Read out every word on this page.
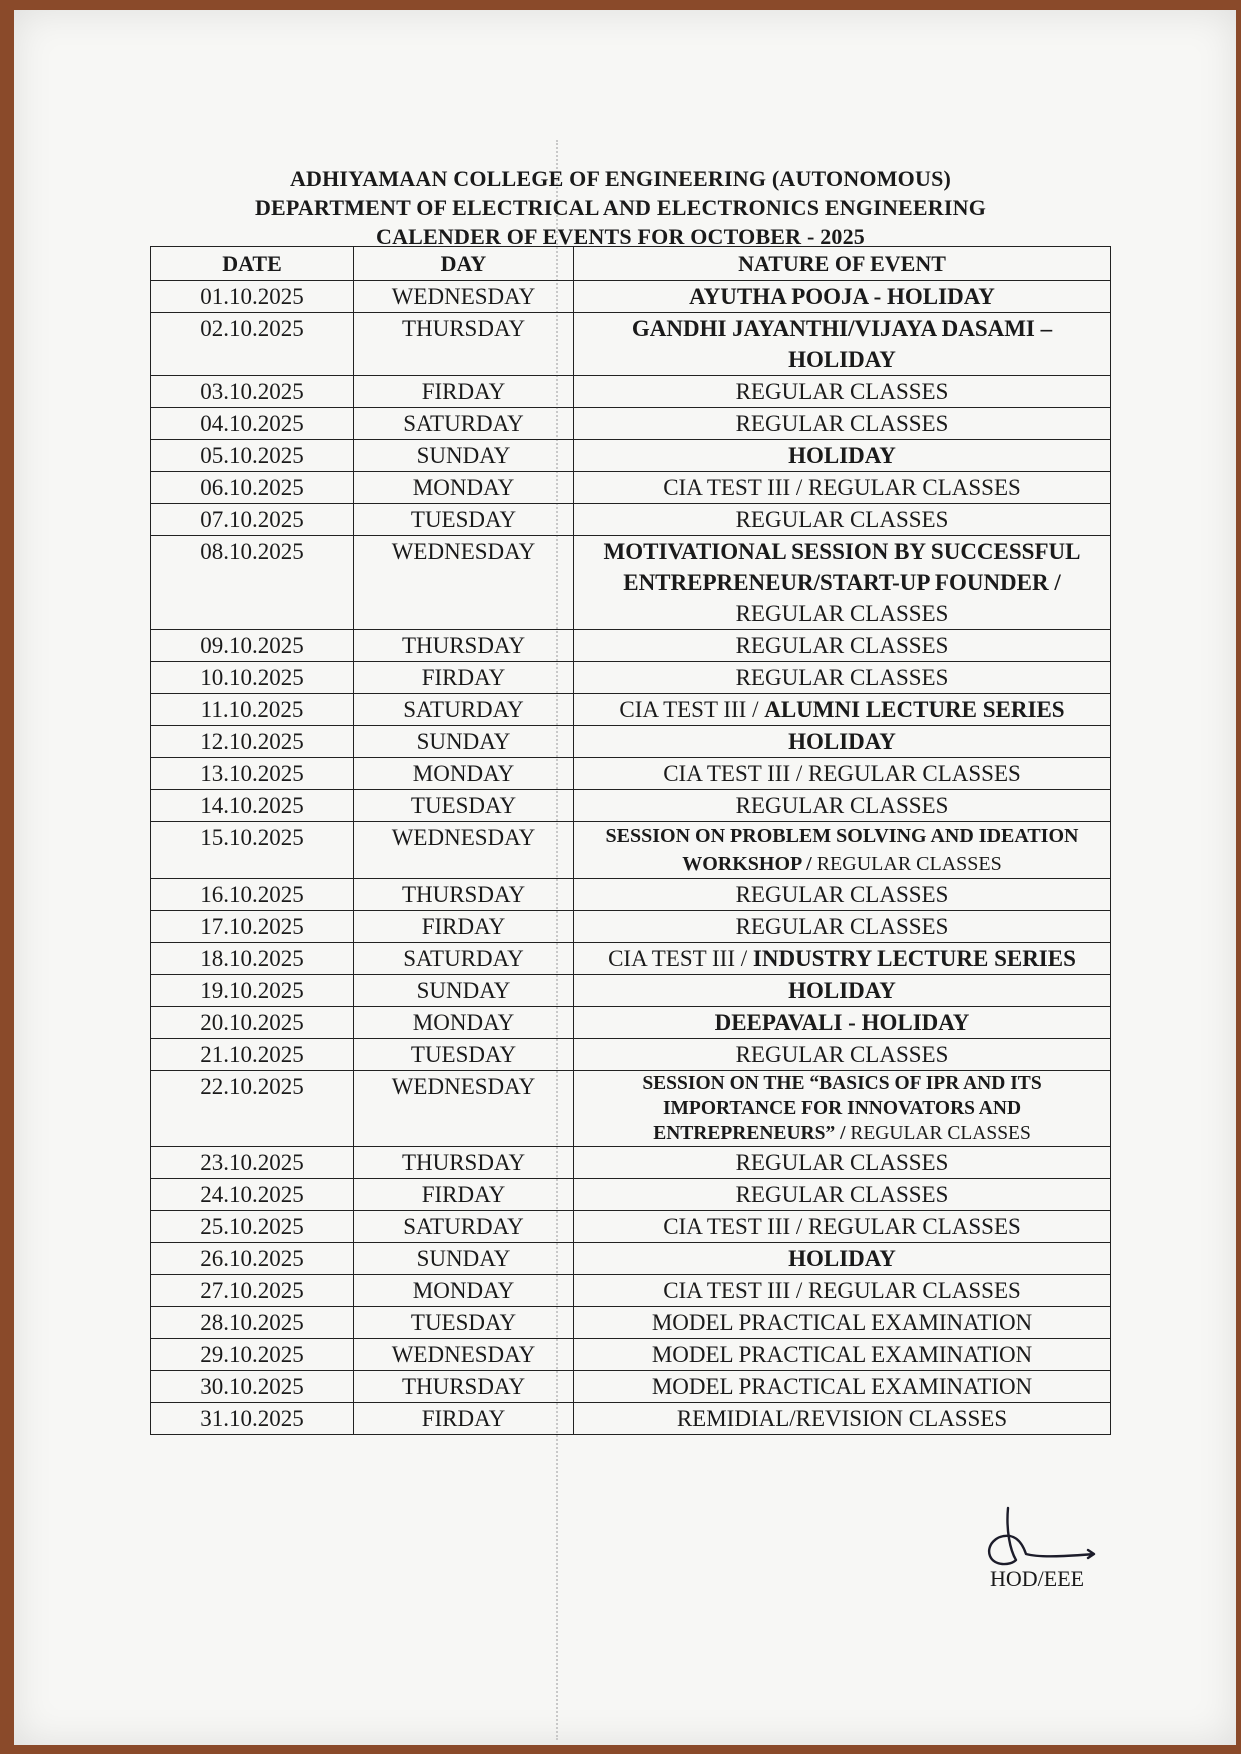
ADHIYAMAAN COLLEGE OF ENGINEERING (AUTONOMOUS)
DEPARTMENT OF ELECTRICAL AND ELECTRONICS ENGINEERING
CALENDER OF EVENTS FOR OCTOBER - 2025
DATE	DAY	NATURE OF EVENT
01.10.2025	WEDNESDAY	AYUTHA POOJA - HOLIDAY
02.10.2025	THURSDAY	GANDHI JAYANTHI/VIJAYA DASAMI – HOLIDAY
03.10.2025	FIRDAY	REGULAR CLASSES
04.10.2025	SATURDAY	REGULAR CLASSES
05.10.2025	SUNDAY	HOLIDAY
06.10.2025	MONDAY	CIA TEST III / REGULAR CLASSES
07.10.2025	TUESDAY	REGULAR CLASSES
08.10.2025	WEDNESDAY	MOTIVATIONAL SESSION BY SUCCESSFUL ENTREPRENEUR/START-UP FOUNDER / REGULAR CLASSES
09.10.2025	THURSDAY	REGULAR CLASSES
10.10.2025	FIRDAY	REGULAR CLASSES
11.10.2025	SATURDAY	CIA TEST III / ALUMNI LECTURE SERIES
12.10.2025	SUNDAY	HOLIDAY
13.10.2025	MONDAY	CIA TEST III / REGULAR CLASSES
14.10.2025	TUESDAY	REGULAR CLASSES
15.10.2025	WEDNESDAY	SESSION ON PROBLEM SOLVING AND IDEATION WORKSHOP / REGULAR CLASSES
16.10.2025	THURSDAY	REGULAR CLASSES
17.10.2025	FIRDAY	REGULAR CLASSES
18.10.2025	SATURDAY	CIA TEST III / INDUSTRY LECTURE SERIES
19.10.2025	SUNDAY	HOLIDAY
20.10.2025	MONDAY	DEEPAVALI - HOLIDAY
21.10.2025	TUESDAY	REGULAR CLASSES
22.10.2025	WEDNESDAY	SESSION ON THE “BASICS OF IPR AND ITS IMPORTANCE FOR INNOVATORS AND ENTREPRENEURS” / REGULAR CLASSES
23.10.2025	THURSDAY	REGULAR CLASSES
24.10.2025	FIRDAY	REGULAR CLASSES
25.10.2025	SATURDAY	CIA TEST III / REGULAR CLASSES
26.10.2025	SUNDAY	HOLIDAY
27.10.2025	MONDAY	CIA TEST III / REGULAR CLASSES
28.10.2025	TUESDAY	MODEL PRACTICAL EXAMINATION
29.10.2025	WEDNESDAY	MODEL PRACTICAL EXAMINATION
30.10.2025	THURSDAY	MODEL PRACTICAL EXAMINATION
31.10.2025	FIRDAY	REMIDIAL/REVISION CLASSES
HOD/EEE
